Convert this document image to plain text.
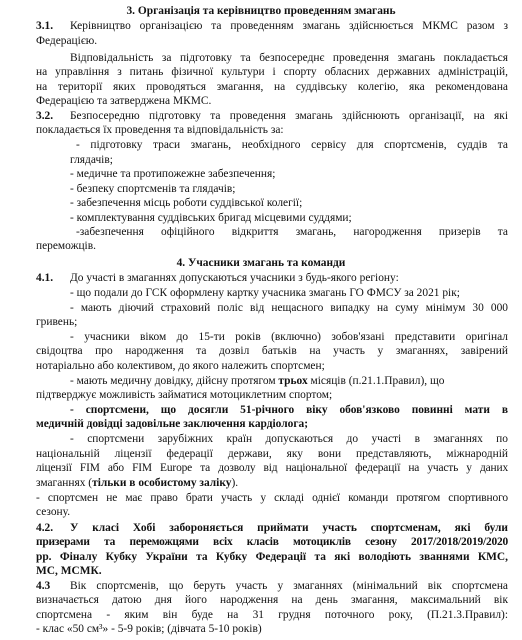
3. Організація та керівництво проведенням змагань
3.1. Керівництво організацією та проведенням змагань здійснюється МКМС разом з
Федерацією.
Відповідальність за підготовку та безпосереднє проведення змагань покладається
на управління з питань фізичної культури і спорту обласних державних адміністрацій,
на території яких проводяться змагання, на суддівську колегію, яка рекомендована
Федерацією та затверджена МКМС.
3.2. Безпосередню підготовку та проведення змагань здійснюють організації, на які
покладається їх проведення та відповідальність за:
- підготовку траси змагань, необхідного сервісу для спортсменів, суддів та
глядачів;
- медичне та протипожежне забезпечення;
- безпеку спортсменів та глядачів;
- забезпечення місць роботи суддівської колегії;
- комплектування суддівських бригад місцевими суддями;
-забезпечення офіційного відкриття змагань, нагородження призерів та
переможців.
4. Учасники змагань та команди
4.1. До участі в змаганнях допускаються учасники з будь-якого регіону:
- що подали до ГСК оформлену картку учасника змагань ГО ФМСУ за 2021 рік;
- мають діючий страховий поліс від нещасного випадку на суму мінімум 30 000
гривень;
- учасники віком до 15-ти років (включно) зобов'язані представити оригінал
свідоцтва про народження та дозвіл батьків на участь у змаганнях, завірений
нотаріально або колективом, до якого належить спортсмен;
- мають медичну довідку, дійсну протягом трьох місяців (п.21.1.Правил), що
підтверджує можливість займатися мотоциклетним спортом;
- спортсмени, що досягли 51-річного віку обов'язково повинні мати в
медичній довідці задовільне заключення кардіолога;
- спортсмени зарубіжних країн допускаються до участі в змаганнях по
національній ліцензії федерації держави, яку вони представляють, міжнародній
ліцензії FIM або FIM Europe та дозволу від національної федерації на участь у даних
змаганнях (тільки в особистому заліку).
- спортсмен не має право брати участь у складі однієї команди протягом спортивного
сезону.
4.2. У класі Хобі забороняється приймати участь спортсменам, які були
призерами та переможцями всіх класів мотоциклів сезону 2017/2018/2019/2020
рр. Фіналу Кубку України та Кубку Федерації та які володіють званнями КМС,
МС, МСМК.
4.3 Вік спортсменів, що беруть участь у змаганнях (мінімальний вік спортсмена
визначається датою дня його народження на день змагання, максимальний вік
спортсмена - яким він буде на 31 грудня поточного року, (П.21.3.Правил):
- клас «50 см³» - 5-9 років; (дівчата 5-10 років)
